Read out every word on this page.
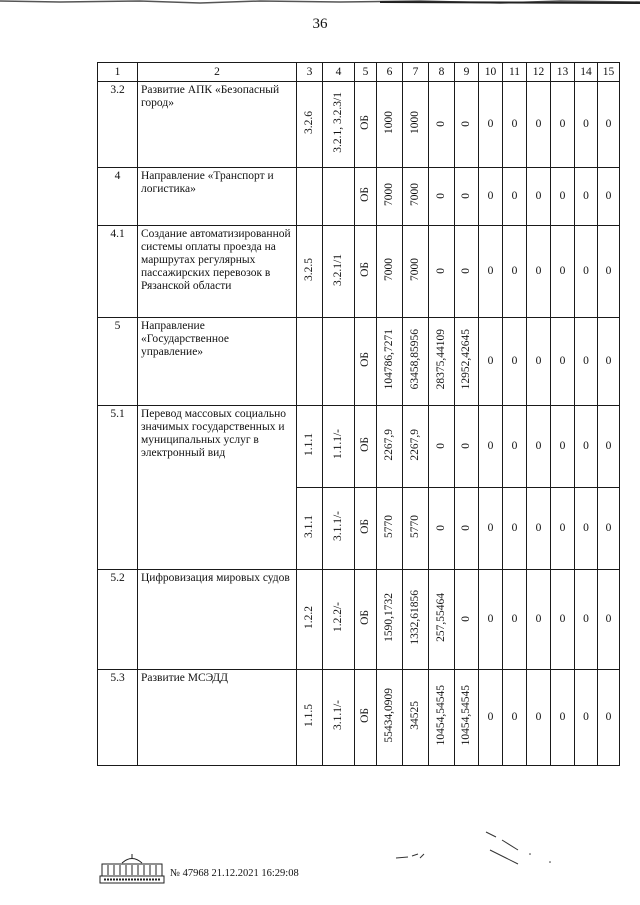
36
1	2	3	4	5	6	7	8	9	10	11	12	13	14	15
3.2	Развитие АПК «Безопасный город»	3.2.6	3.2.1, 3.2.3/1	ОБ	1000	1000	0	0	0	0	0	0	0	0
4	Направление «Транспорт и логистика»			ОБ	7000	7000	0	0	0	0	0	0	0	0
4.1	Создание автоматизированной системы оплаты проезда на маршрутах регулярных пассажирских перевозок в Рязанской области	3.2.5	3.2.1/1	ОБ	7000	7000	0	0	0	0	0	0	0	0
5	Направление «Государственное управление»			ОБ	104786,7271	63458,85956	28375,44109	12952,42645	0	0	0	0	0	0
5.1	Перевод массовых социально значимых государственных и муниципальных услуг в электронный вид	1.1.1	1.1.1/-	ОБ	2267,9	2267,9	0	0	0	0	0	0	0	0
		3.1.1	3.1.1/-	ОБ	5770	5770	0	0	0	0	0	0	0	0
5.2	Цифровизация мировых судов	1.2.2	1.2.2/-	ОБ	1590,1732	1332,61856	257,55464	0	0	0	0	0	0	0
5.3	Развитие МСЭДД	1.1.5	3.1.1/-	ОБ	55434,0909	34525	10454,54545	10454,54545	0	0	0	0	0	0
№ 47968 21.12.2021 16:29:08
